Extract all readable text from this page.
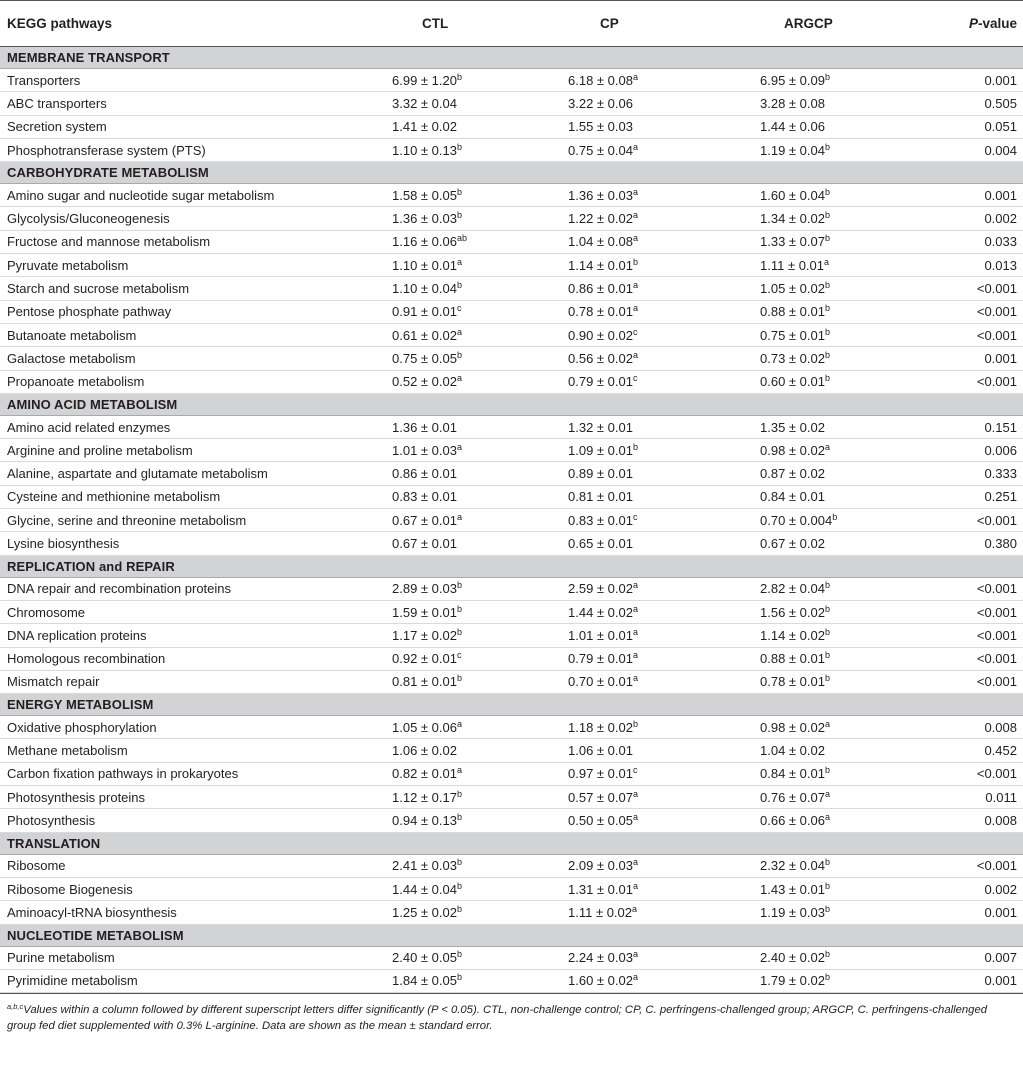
KEGG pathways	CTL	CP	ARGCP	P-value
MEMBRANE TRANSPORT				
Transporters	6.99 ± 1.20$^b$	6.18 ± 0.08$^a$	6.95 ± 0.09$^b$	0.001
ABC transporters	3.32 ± 0.04	3.22 ± 0.06	3.28 ± 0.08	0.505
Secretion system	1.41 ± 0.02	1.55 ± 0.03	1.44 ± 0.06	0.051
Phosphotransferase system (PTS)	1.10 ± 0.13$^b$	0.75 ± 0.04$^a$	1.19 ± 0.04$^b$	0.004
CARBOHYDRATE METABOLISM				
Amino sugar and nucleotide sugar metabolism	1.58 ± 0.05$^b$	1.36 ± 0.03$^a$	1.60 ± 0.04$^b$	0.001
Glycolysis/Gluconeogenesis	1.36 ± 0.03$^b$	1.22 ± 0.02$^a$	1.34 ± 0.02$^b$	0.002
Fructose and mannose metabolism	1.16 ± 0.06$^{ab}$	1.04 ± 0.08$^a$	1.33 ± 0.07$^b$	0.033
Pyruvate metabolism	1.10 ± 0.01$^a$	1.14 ± 0.01$^b$	1.11 ± 0.01$^a$	0.013
Starch and sucrose metabolism	1.10 ± 0.04$^b$	0.86 ± 0.01$^a$	1.05 ± 0.02$^b$	<0.001
Pentose phosphate pathway	0.91 ± 0.01$^c$	0.78 ± 0.01$^a$	0.88 ± 0.01$^b$	<0.001
Butanoate metabolism	0.61 ± 0.02$^a$	0.90 ± 0.02$^c$	0.75 ± 0.01$^b$	<0.001
Galactose metabolism	0.75 ± 0.05$^b$	0.56 ± 0.02$^a$	0.73 ± 0.02$^b$	0.001
Propanoate metabolism	0.52 ± 0.02$^a$	0.79 ± 0.01$^c$	0.60 ± 0.01$^b$	<0.001
AMINO ACID METABOLISM				
Amino acid related enzymes	1.36 ± 0.01	1.32 ± 0.01	1.35 ± 0.02	0.151
Arginine and proline metabolism	1.01 ± 0.03$^a$	1.09 ± 0.01$^b$	0.98 ± 0.02$^a$	0.006
Alanine, aspartate and glutamate metabolism	0.86 ± 0.01	0.89 ± 0.01	0.87 ± 0.02	0.333
Cysteine and methionine metabolism	0.83 ± 0.01	0.81 ± 0.01	0.84 ± 0.01	0.251
Glycine, serine and threonine metabolism	0.67 ± 0.01$^a$	0.83 ± 0.01$^c$	0.70 ± 0.004$^b$	<0.001
Lysine biosynthesis	0.67 ± 0.01	0.65 ± 0.01	0.67 ± 0.02	0.380
REPLICATION and REPAIR				
DNA repair and recombination proteins	2.89 ± 0.03$^b$	2.59 ± 0.02$^a$	2.82 ± 0.04$^b$	<0.001
Chromosome	1.59 ± 0.01$^b$	1.44 ± 0.02$^a$	1.56 ± 0.02$^b$	<0.001
DNA replication proteins	1.17 ± 0.02$^b$	1.01 ± 0.01$^a$	1.14 ± 0.02$^b$	<0.001
Homologous recombination	0.92 ± 0.01$^c$	0.79 ± 0.01$^a$	0.88 ± 0.01$^b$	<0.001
Mismatch repair	0.81 ± 0.01$^b$	0.70 ± 0.01$^a$	0.78 ± 0.01$^b$	<0.001
ENERGY METABOLISM				
Oxidative phosphorylation	1.05 ± 0.06$^a$	1.18 ± 0.02$^b$	0.98 ± 0.02$^a$	0.008
Methane metabolism	1.06 ± 0.02	1.06 ± 0.01	1.04 ± 0.02	0.452
Carbon fixation pathways in prokaryotes	0.82 ± 0.01$^a$	0.97 ± 0.01$^c$	0.84 ± 0.01$^b$	<0.001
Photosynthesis proteins	1.12 ± 0.17$^b$	0.57 ± 0.07$^a$	0.76 ± 0.07$^a$	0.011
Photosynthesis	0.94 ± 0.13$^b$	0.50 ± 0.05$^a$	0.66 ± 0.06$^a$	0.008
TRANSLATION				
Ribosome	2.41 ± 0.03$^b$	2.09 ± 0.03$^a$	2.32 ± 0.04$^b$	<0.001
Ribosome Biogenesis	1.44 ± 0.04$^b$	1.31 ± 0.01$^a$	1.43 ± 0.01$^b$	0.002
Aminoacyl-tRNA biosynthesis	1.25 ± 0.02$^b$	1.11 ± 0.02$^a$	1.19 ± 0.03$^b$	0.001
NUCLEOTIDE METABOLISM				
Purine metabolism	2.40 ± 0.05$^b$	2.24 ± 0.03$^a$	2.40 ± 0.02$^b$	0.007
Pyrimidine metabolism	1.84 ± 0.05$^b$	1.60 ± 0.02$^a$	1.79 ± 0.02$^b$	0.001
$^{a,b,c}$Values within a column followed by different superscript letters differ significantly (P < 0.05). CTL, non-challenge control; CP, C. perfringens-challenged group; ARGCP, C. perfringens-challenged group fed diet supplemented with 0.3% L-arginine. Data are shown as the mean ± standard error.
